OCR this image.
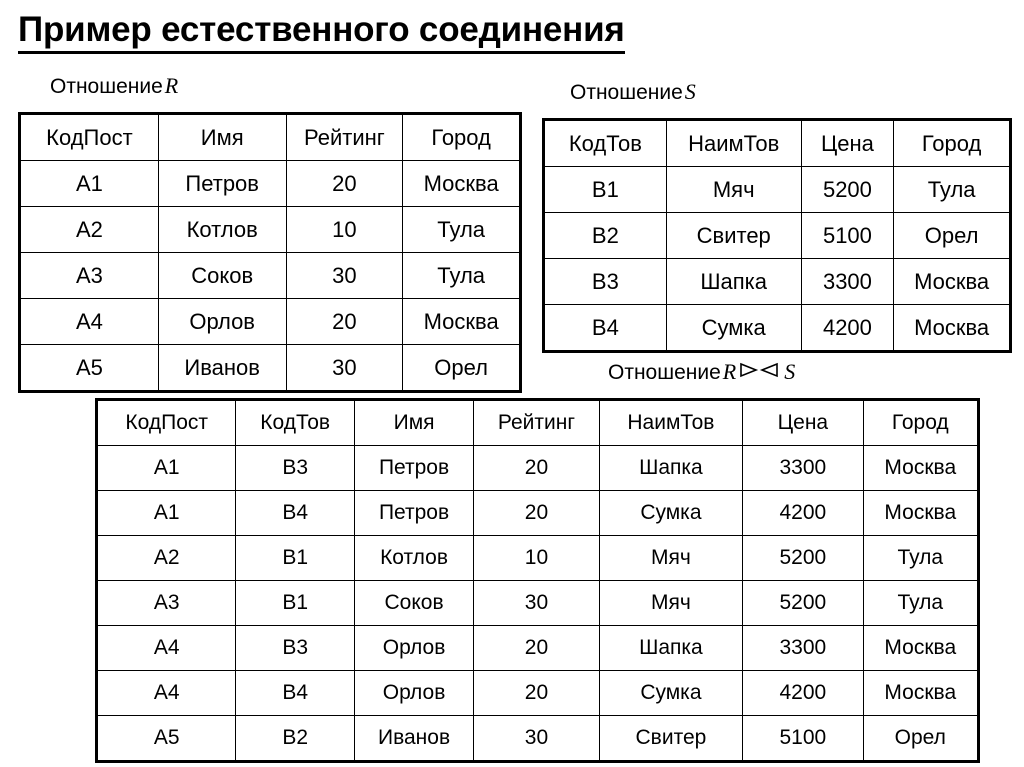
Пример естественного соединения
ОтношениеR	ОтношениеS
ОтношениеR S
КодПост	Имя	Рейтинг	Город
A1	Петров	20	Москва
A2	Котлов	10	Тула
A3	Соков	30	Тула
A4	Орлов	20	Москва
A5	Иванов	30	Орел
КодТов	НаимТов	Цена	Город
B1	Мяч	5200	Тула
B2	Свитер	5100	Орел
B3	Шапка	3300	Москва
B4	Сумка	4200	Москва
КодПост	КодТов	Имя	Рейтинг	НаимТов	Цена	Город
A1	B3	Петров	20	Шапка	3300	Москва
A1	B4	Петров	20	Сумка	4200	Москва
A2	B1	Котлов	10	Мяч	5200	Тула
A3	B1	Соков	30	Мяч	5200	Тула
A4	B3	Орлов	20	Шапка	3300	Москва
A4	B4	Орлов	20	Сумка	4200	Москва
A5	B2	Иванов	30	Свитер	5100	Орел
